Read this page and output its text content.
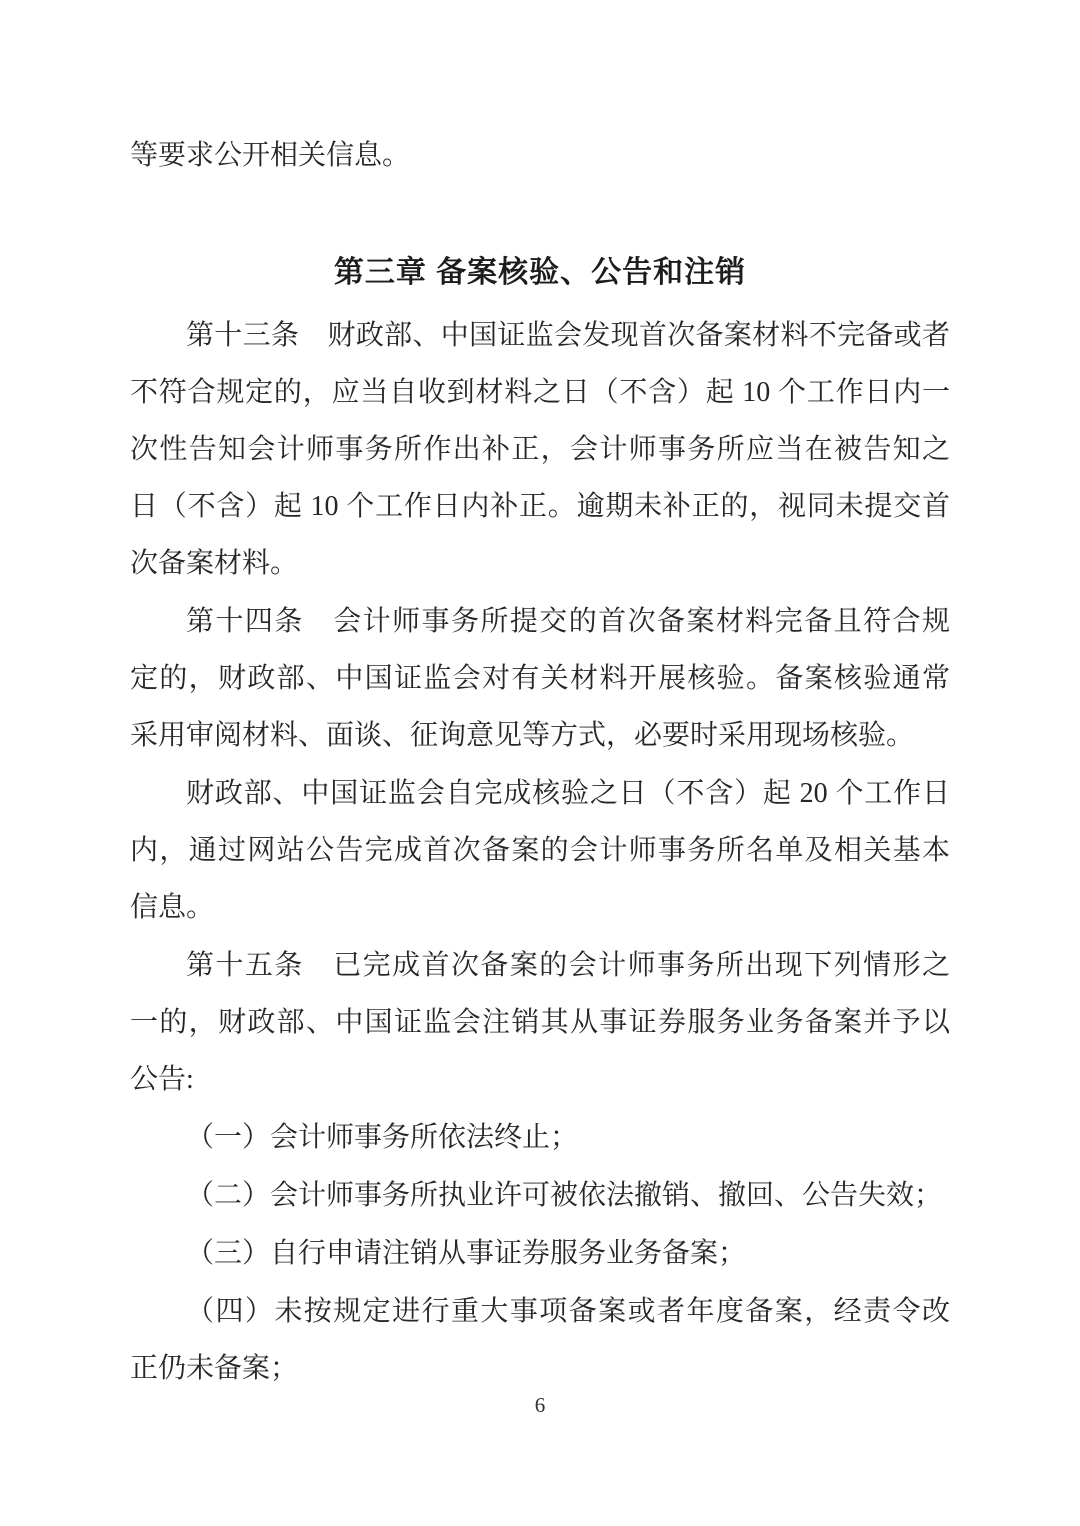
等要求公开相关信息。
第三章 备案核验、公告和注销
第十三条　财政部、中国证监会发现首次备案材料不完备或者
不符合规定的，应当自收到材料之日（不含）起 10 个工作日内一
次性告知会计师事务所作出补正，会计师事务所应当在被告知之
日（不含）起 10 个工作日内补正。逾期未补正的，视同未提交首
次备案材料。
第十四条　会计师事务所提交的首次备案材料完备且符合规
定的，财政部、中国证监会对有关材料开展核验。备案核验通常
采用审阅材料、面谈、征询意见等方式，必要时采用现场核验。
财政部、中国证监会自完成核验之日（不含）起 20 个工作日
内，通过网站公告完成首次备案的会计师事务所名单及相关基本
信息。
第十五条　已完成首次备案的会计师事务所出现下列情形之
一的，财政部、中国证监会注销其从事证券服务业务备案并予以
公告:
（一）会计师事务所依法终止；
（二）会计师事务所执业许可被依法撤销、撤回、公告失效；
（三）自行申请注销从事证券服务业务备案；
（四）未按规定进行重大事项备案或者年度备案，经责令改
正仍未备案；
6
